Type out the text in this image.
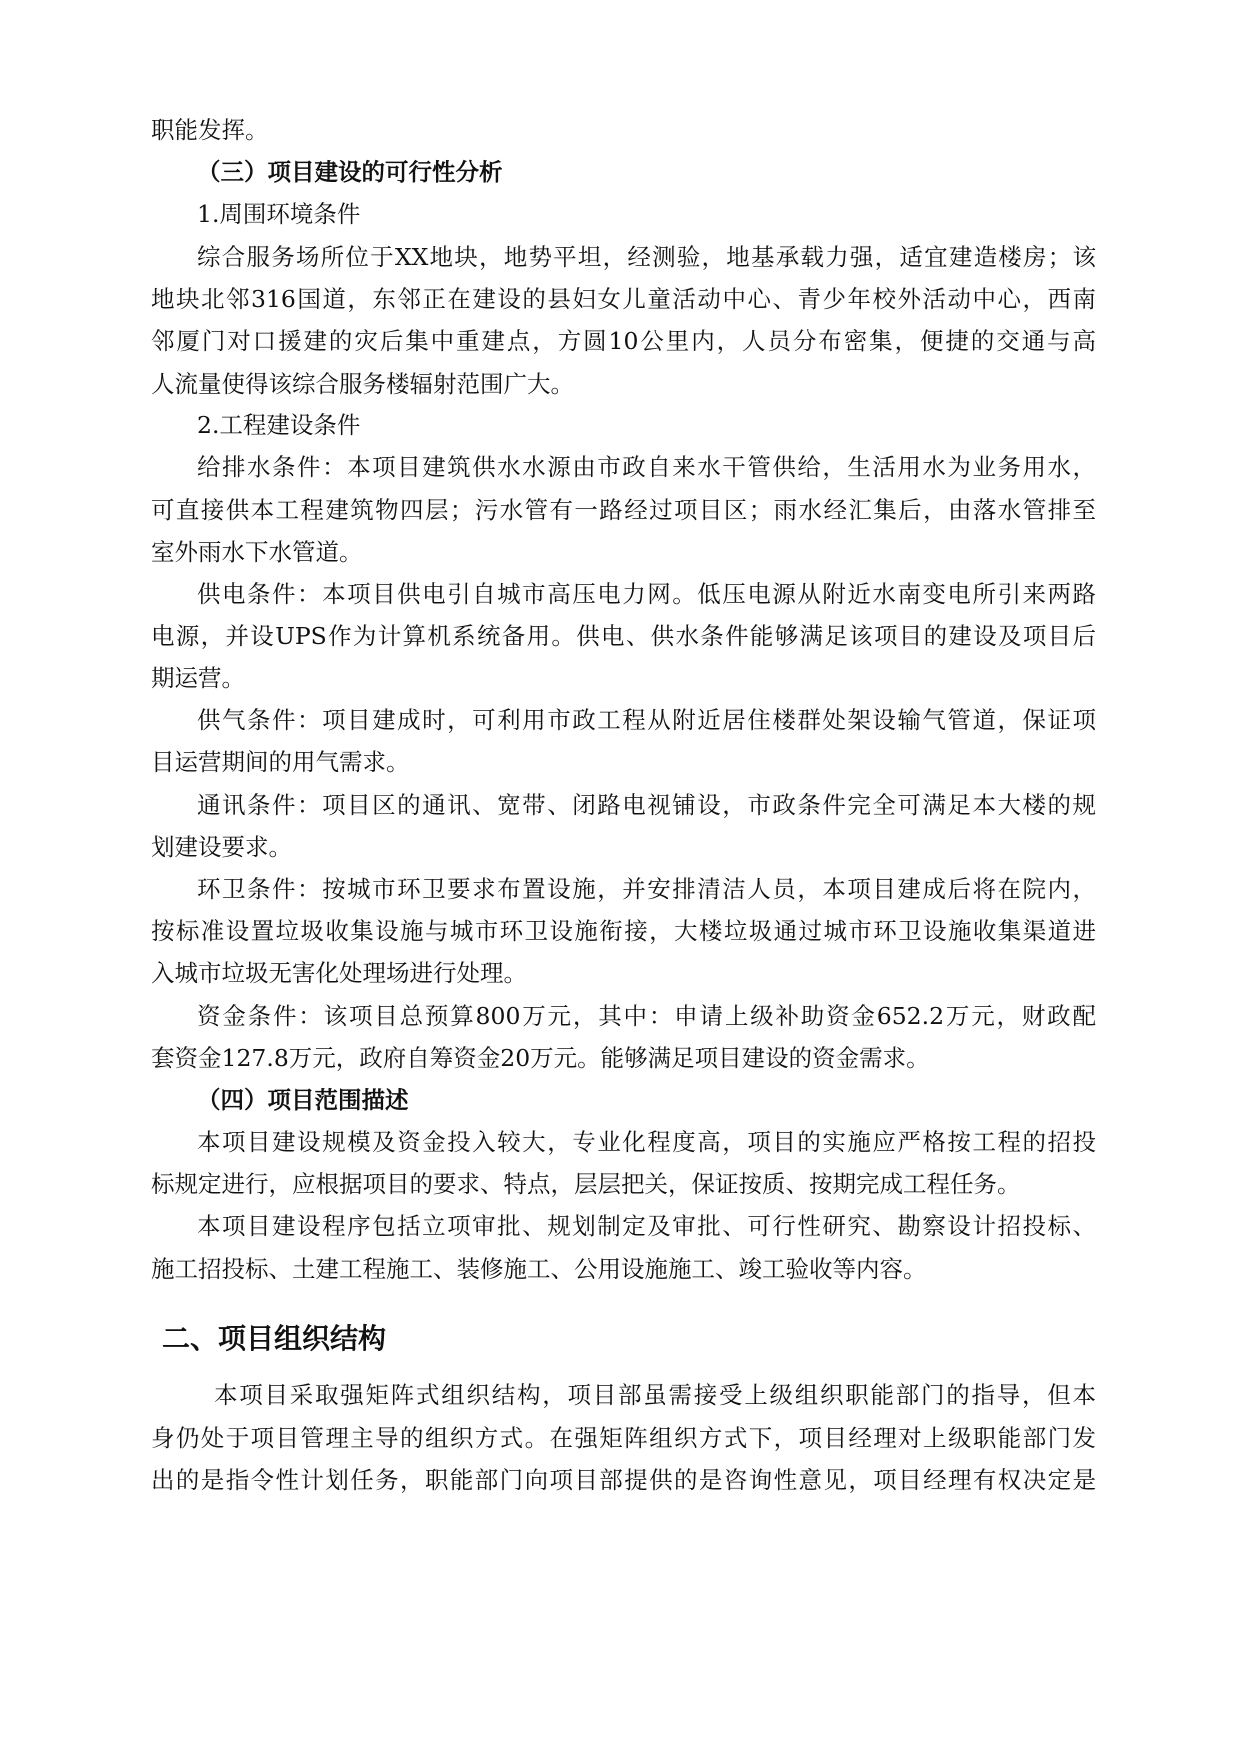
职能发挥。
（三）项目建设的可行性分析
1.周围环境条件
综合服务场所位于XX地块，地势平坦，经测验，地基承载力强，适宜建造楼房；该
地块北邻316国道，东邻正在建设的县妇女儿童活动中心、青少年校外活动中心，西南
邻厦门对口援建的灾后集中重建点，方圆10公里内，人员分布密集，便捷的交通与高
人流量使得该综合服务楼辐射范围广大。
2.工程建设条件
给排水条件：本项目建筑供水水源由市政自来水干管供给，生活用水为业务用水，
可直接供本工程建筑物四层；污水管有一路经过项目区；雨水经汇集后，由落水管排至
室外雨水下水管道。
供电条件：本项目供电引自城市高压电力网。低压电源从附近水南变电所引来两路
电源，并设UPS作为计算机系统备用。供电、供水条件能够满足该项目的建设及项目后
期运营。
供气条件：项目建成时，可利用市政工程从附近居住楼群处架设输气管道，保证项
目运营期间的用气需求。
通讯条件：项目区的通讯、宽带、闭路电视铺设，市政条件完全可满足本大楼的规
划建设要求。
环卫条件：按城市环卫要求布置设施，并安排清洁人员，本项目建成后将在院内，
按标准设置垃圾收集设施与城市环卫设施衔接，大楼垃圾通过城市环卫设施收集渠道进
入城市垃圾无害化处理场进行处理。
资金条件：该项目总预算800万元，其中：申请上级补助资金652.2万元，财政配
套资金127.8万元，政府自筹资金20万元。能够满足项目建设的资金需求。
（四）项目范围描述
本项目建设规模及资金投入较大，专业化程度高，项目的实施应严格按工程的招投
标规定进行，应根据项目的要求、特点，层层把关，保证按质、按期完成工程任务。
本项目建设程序包括立项审批、规划制定及审批、可行性研究、勘察设计招投标、
施工招投标、土建工程施工、装修施工、公用设施施工、竣工验收等内容。
二、项目组织结构
本项目采取强矩阵式组织结构，项目部虽需接受上级组织职能部门的指导，但本
身仍处于项目管理主导的组织方式。在强矩阵组织方式下，项目经理对上级职能部门发
出的是指令性计划任务，职能部门向项目部提供的是咨询性意见，项目经理有权决定是
